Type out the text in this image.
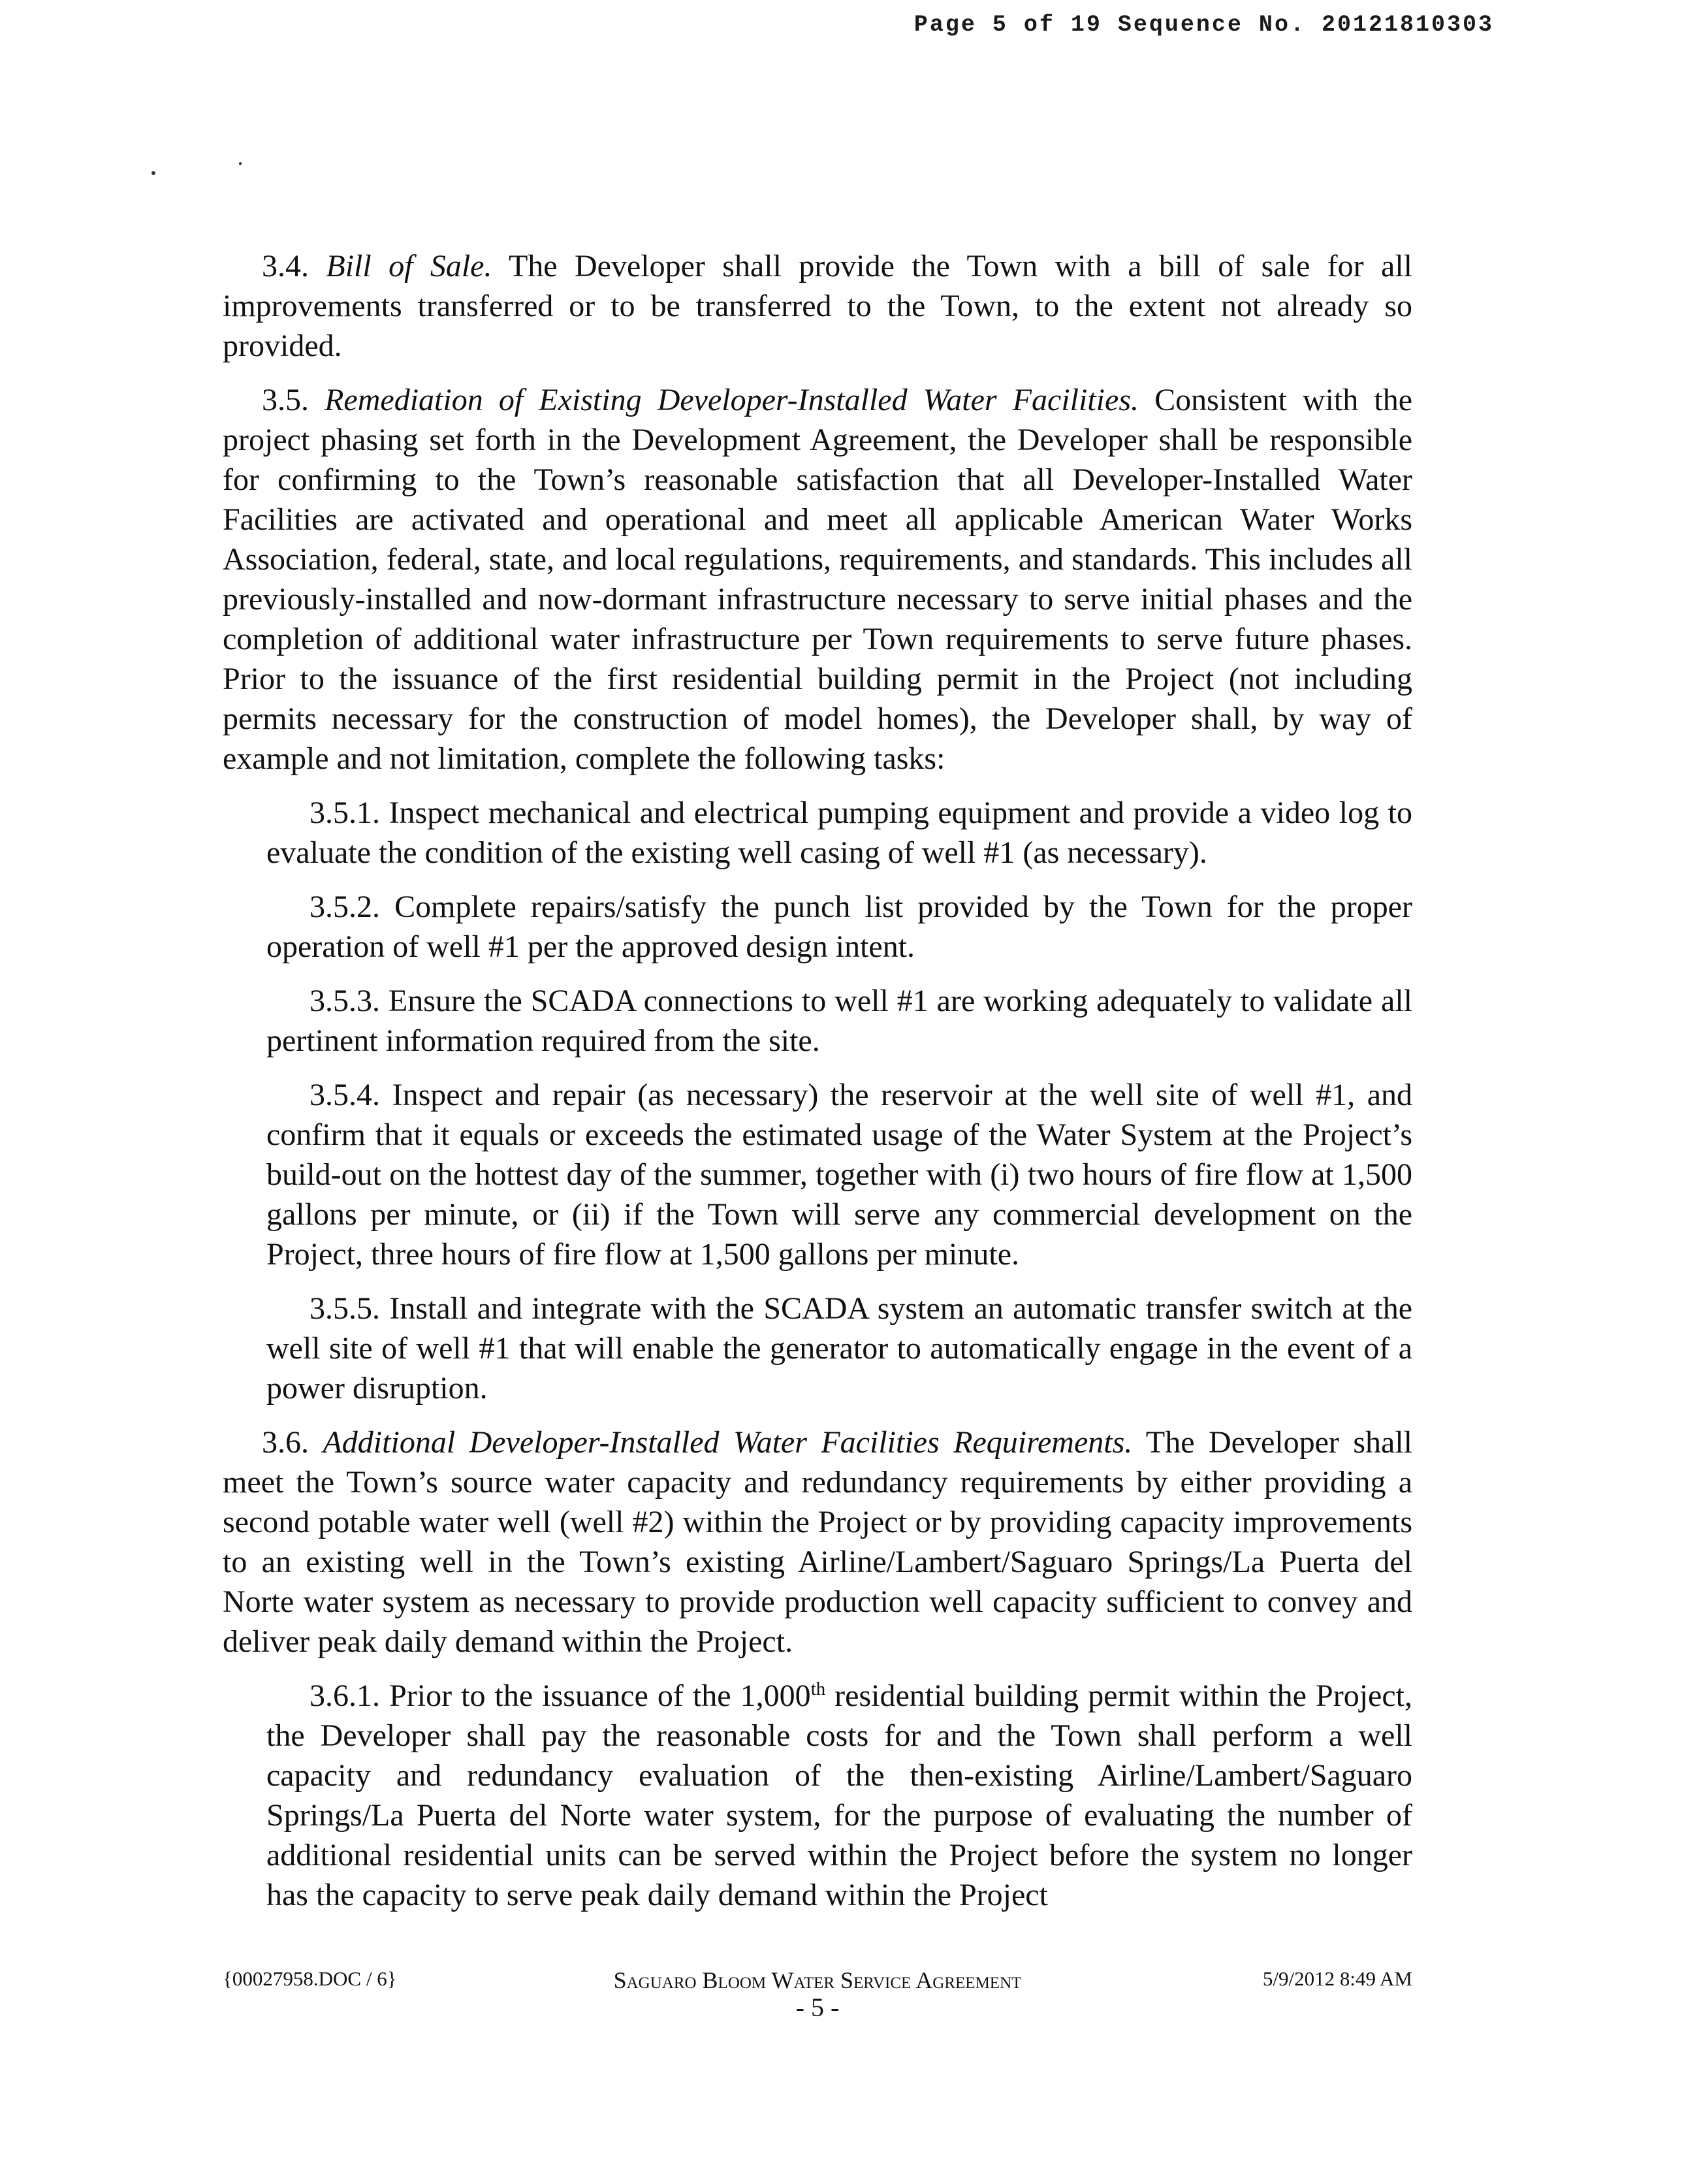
Page 5 of 19 Sequence No. 20121810303

3.4. Bill of Sale. The Developer shall provide the Town with a bill of sale for all improvements transferred or to be transferred to the Town, to the extent not already so provided.

3.5. Remediation of Existing Developer-Installed Water Facilities. Consistent with the project phasing set forth in the Development Agreement, the Developer shall be responsible for confirming to the Town’s reasonable satisfaction that all Developer-Installed Water Facilities are activated and operational and meet all applicable American Water Works Association, federal, state, and local regulations, requirements, and standards. This includes all previously-installed and now-dormant infrastructure necessary to serve initial phases and the completion of additional water infrastructure per Town requirements to serve future phases. Prior to the issuance of the first residential building permit in the Project (not including permits necessary for the construction of model homes), the Developer shall, by way of example and not limitation, complete the following tasks:

3.5.1. Inspect mechanical and electrical pumping equipment and provide a video log to evaluate the condition of the existing well casing of well #1 (as necessary).

3.5.2. Complete repairs/satisfy the punch list provided by the Town for the proper operation of well #1 per the approved design intent.

3.5.3. Ensure the SCADA connections to well #1 are working adequately to validate all pertinent information required from the site.

3.5.4. Inspect and repair (as necessary) the reservoir at the well site of well #1, and confirm that it equals or exceeds the estimated usage of the Water System at the Project’s build-out on the hottest day of the summer, together with (i) two hours of fire flow at 1,500 gallons per minute, or (ii) if the Town will serve any commercial development on the Project, three hours of fire flow at 1,500 gallons per minute.

3.5.5. Install and integrate with the SCADA system an automatic transfer switch at the well site of well #1 that will enable the generator to automatically engage in the event of a power disruption.

3.6. Additional Developer-Installed Water Facilities Requirements. The Developer shall meet the Town’s source water capacity and redundancy requirements by either providing a second potable water well (well #2) within the Project or by providing capacity improvements to an existing well in the Town’s existing Airline/Lambert/Saguaro Springs/La Puerta del Norte water system as necessary to provide production well capacity sufficient to convey and deliver peak daily demand within the Project.

3.6.1. Prior to the issuance of the 1,000th residential building permit within the Project, the Developer shall pay the reasonable costs for and the Town shall perform a well capacity and redundancy evaluation of the then-existing Airline/Lambert/Saguaro Springs/La Puerta del Norte water system, for the purpose of evaluating the number of additional residential units can be served within the Project before the system no longer has the capacity to serve peak daily demand within the Project

{00027958.DOC / 6}	Saguaro Bloom Water Service Agreement	5/9/2012 8:49 AM
- 5 -
